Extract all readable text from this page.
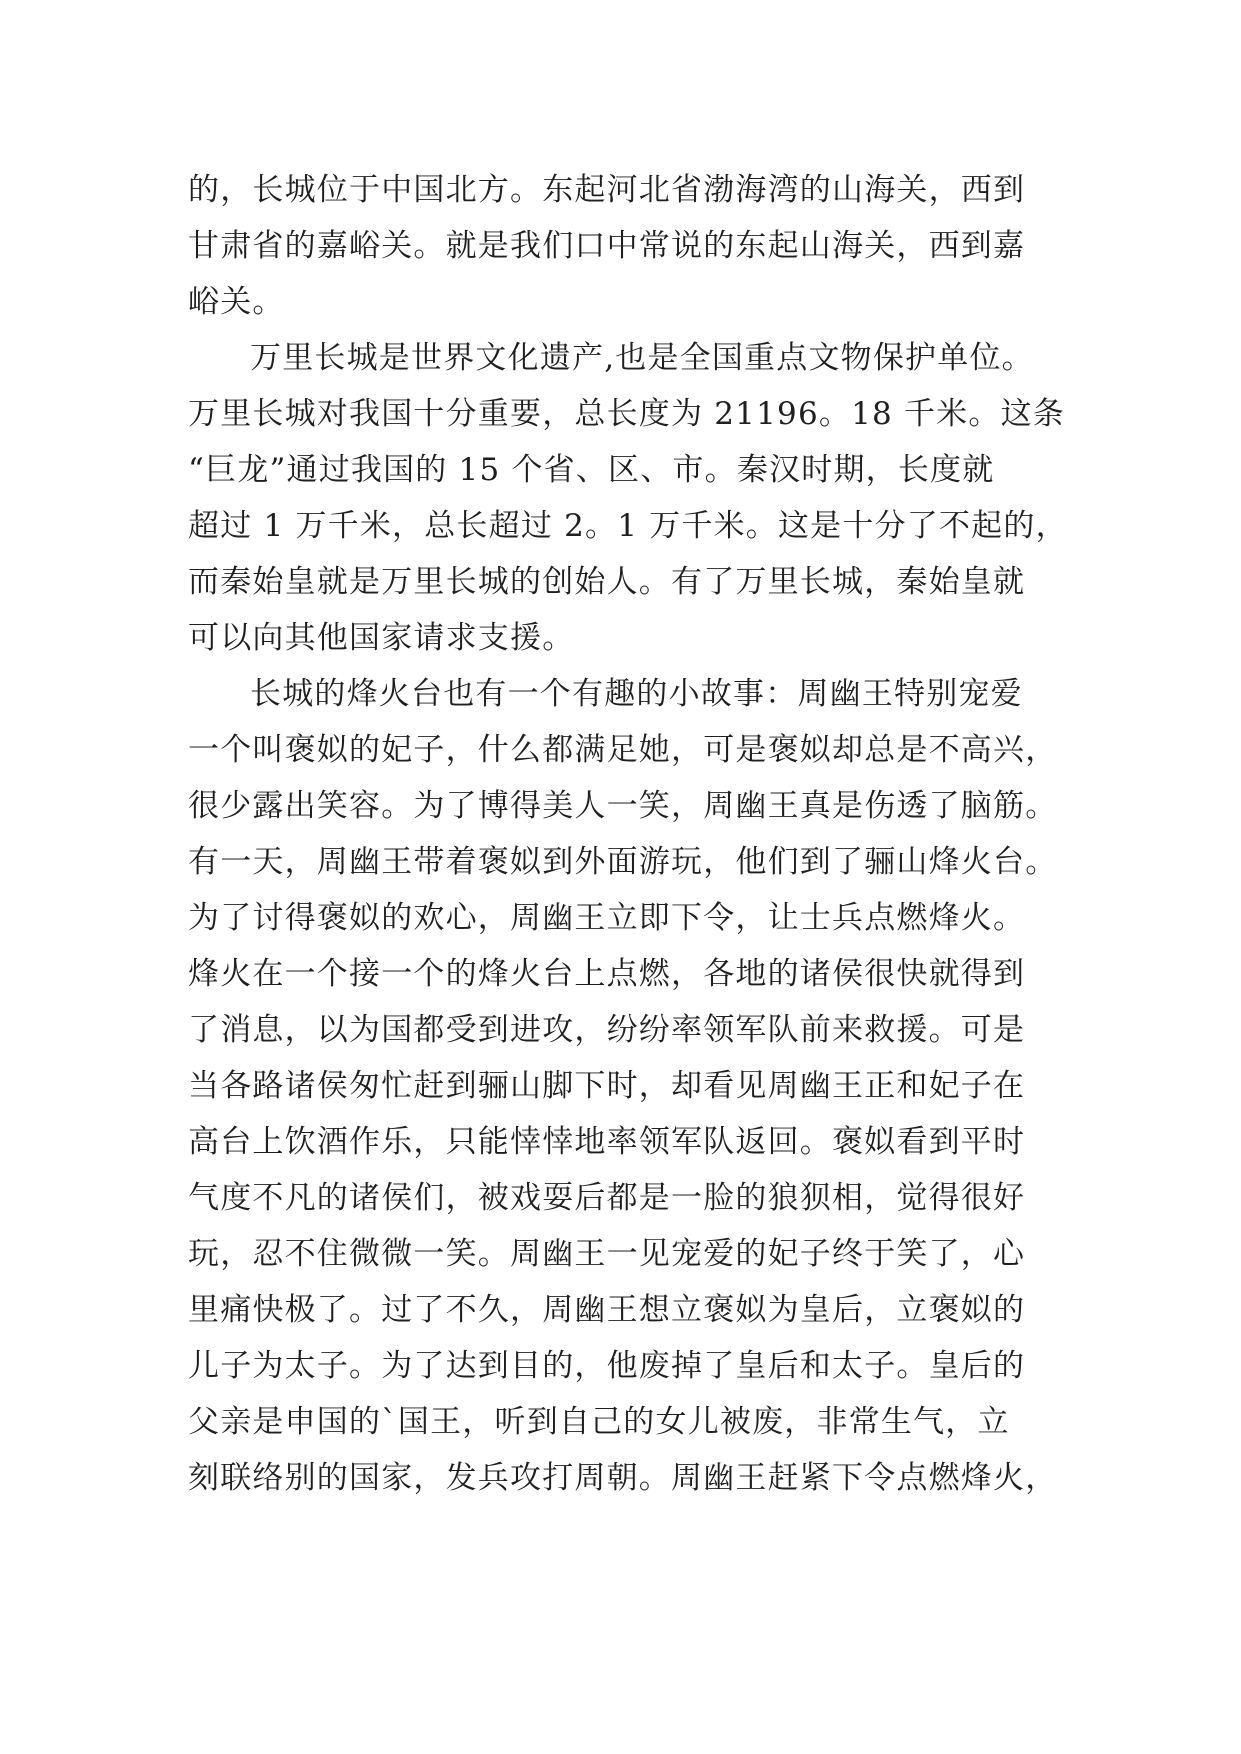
的，长城位于中国北方。东起河北省渤海湾的山海关，西到
甘肃省的嘉峪关。就是我们口中常说的东起山海关，西到嘉
峪关。
万里长城是世界文化遗产,也是全国重点文物保护单位。
万里长城对我国十分重要，总长度为 21196。18 千米。这条
“巨龙”通过我国的 15 个省、区、市。秦汉时期，长度就
超过 1 万千米，总长超过 2。1 万千米。这是十分了不起的，
而秦始皇就是万里长城的创始人。有了万里长城，秦始皇就
可以向其他国家请求支援。
长城的烽火台也有一个有趣的小故事：周幽王特别宠爱
一个叫褒姒的妃子，什么都满足她，可是褒姒却总是不高兴，
很少露出笑容。为了博得美人一笑，周幽王真是伤透了脑筋。
有一天，周幽王带着褒姒到外面游玩，他们到了骊山烽火台。
为了讨得褒姒的欢心，周幽王立即下令，让士兵点燃烽火。
烽火在一个接一个的烽火台上点燃，各地的诸侯很快就得到
了消息，以为国都受到进攻，纷纷率领军队前来救援。可是
当各路诸侯匆忙赶到骊山脚下时，却看见周幽王正和妃子在
高台上饮酒作乐，只能悻悻地率领军队返回。褒姒看到平时
气度不凡的诸侯们，被戏耍后都是一脸的狼狈相，觉得很好
玩，忍不住微微一笑。周幽王一见宠爱的妃子终于笑了，心
里痛快极了。过了不久，周幽王想立褒姒为皇后，立褒姒的
儿子为太子。为了达到目的，他废掉了皇后和太子。皇后的
父亲是申国的`国王，听到自己的女儿被废，非常生气，立
刻联络别的国家，发兵攻打周朝。周幽王赶紧下令点燃烽火，
